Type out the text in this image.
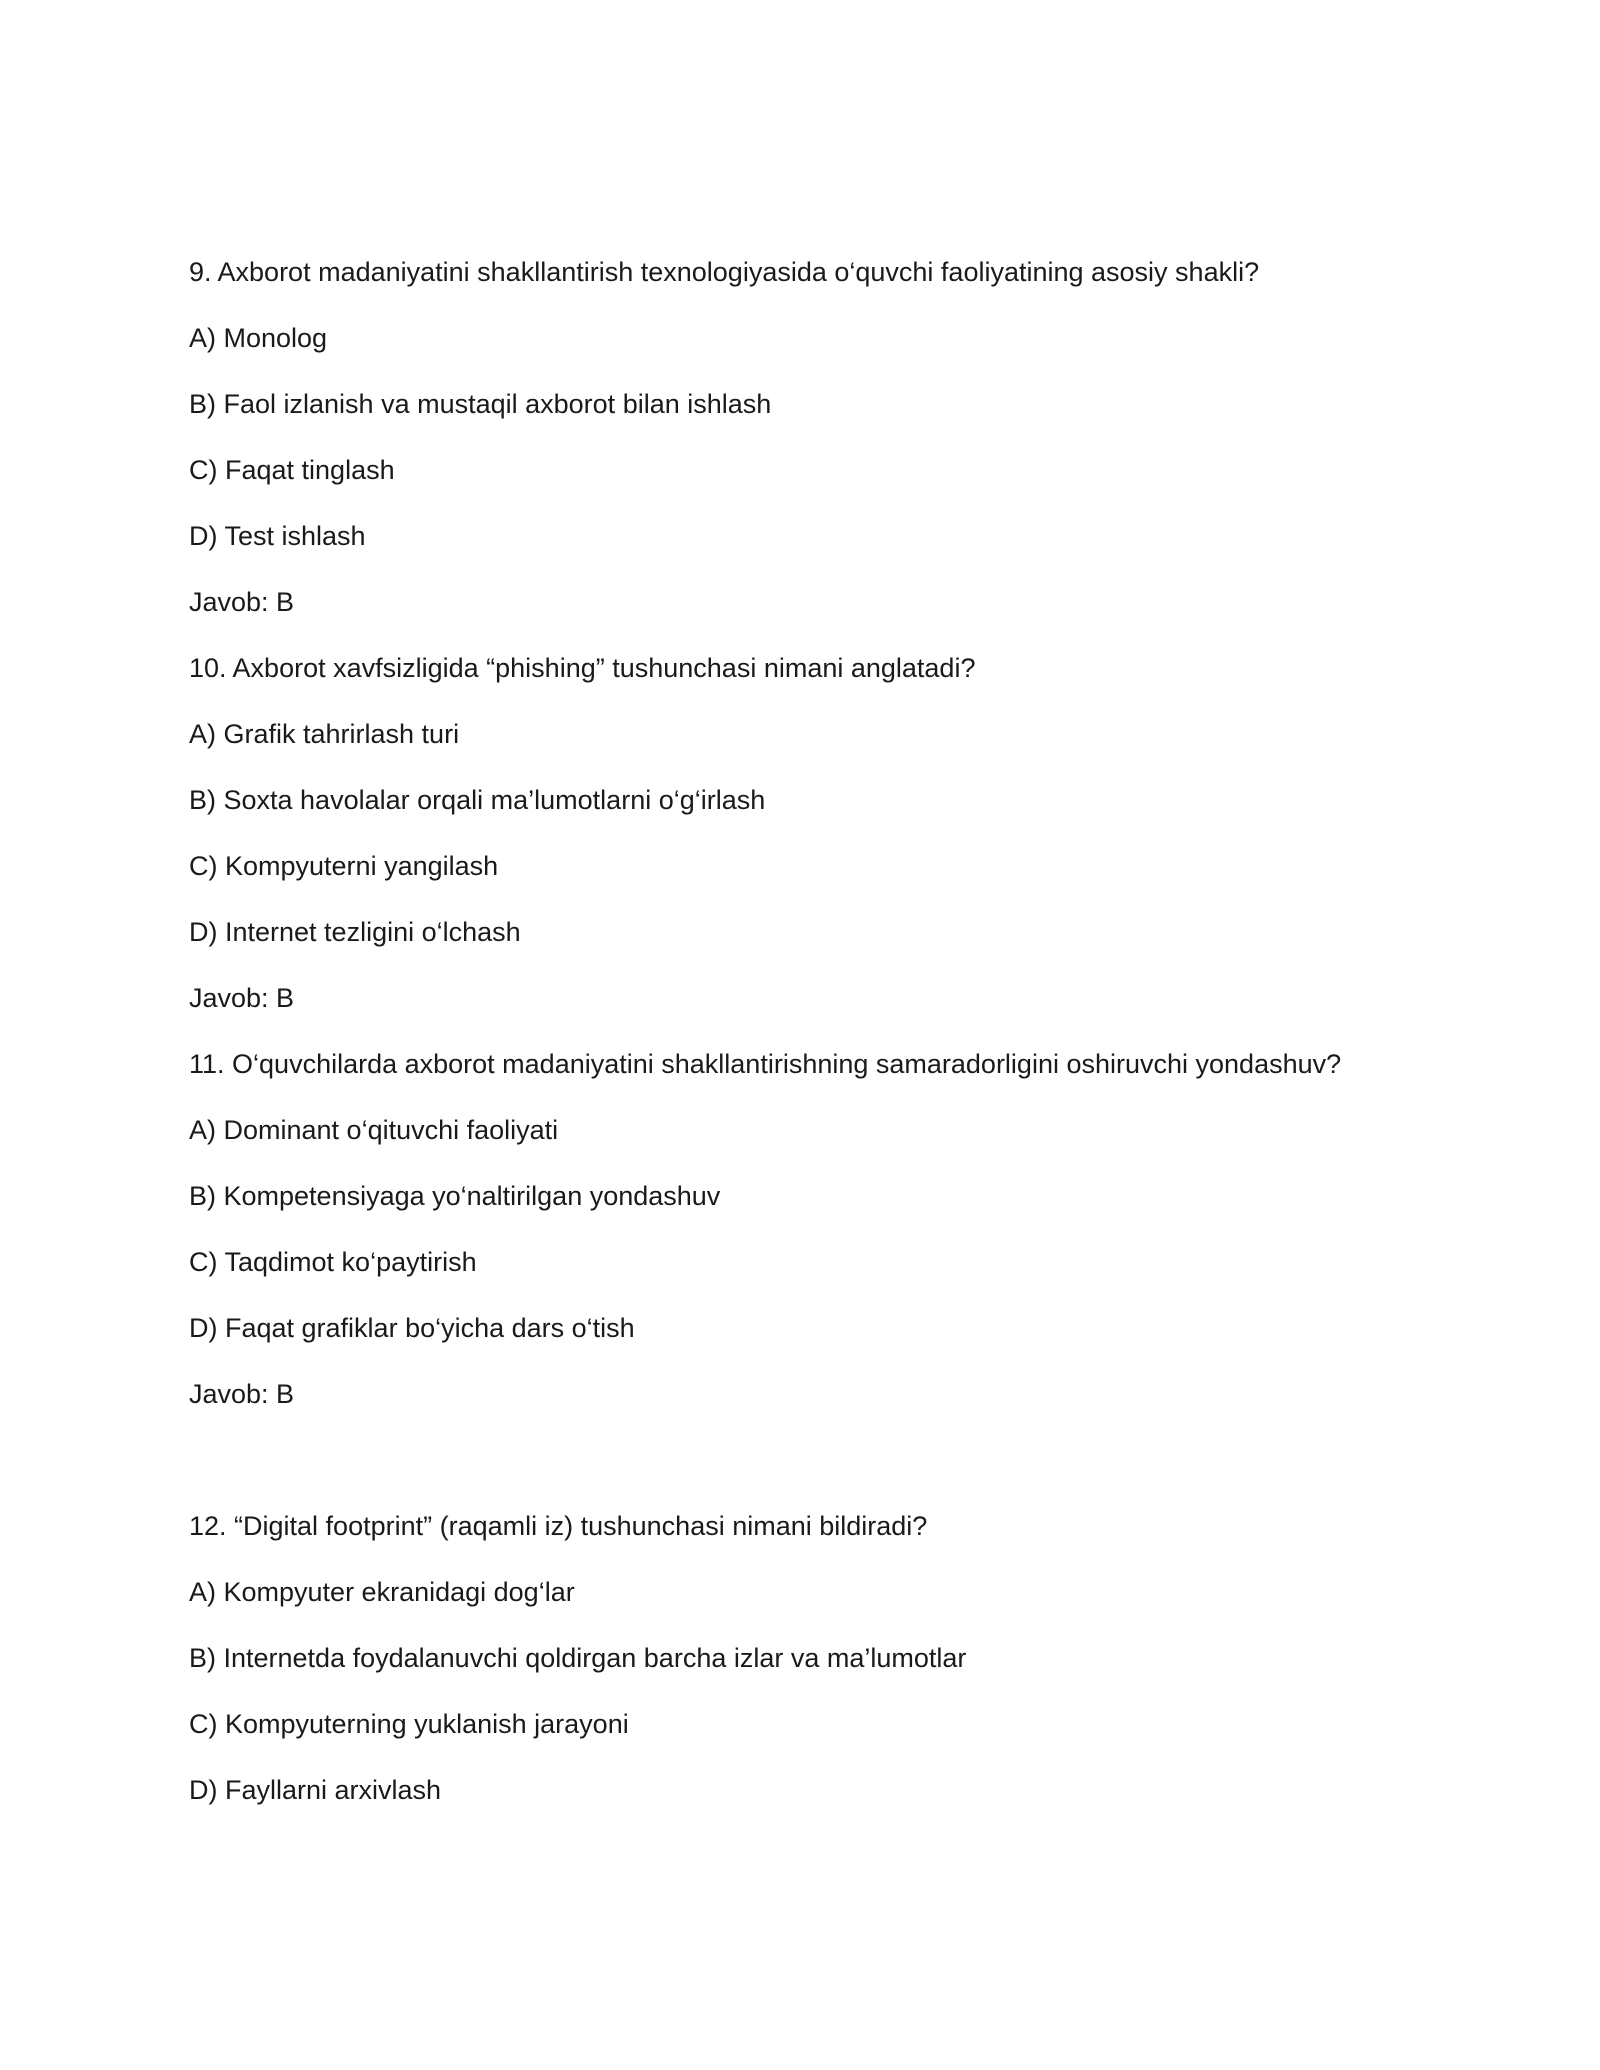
9. Axborot madaniyatini shakllantirish texnologiyasida o‘quvchi faoliyatining asosiy shakli?
A) Monolog
B) Faol izlanish va mustaqil axborot bilan ishlash
C) Faqat tinglash
D) Test ishlash
Javob: B
10. Axborot xavfsizligida “phishing” tushunchasi nimani anglatadi?
A) Grafik tahrirlash turi
B) Soxta havolalar orqali ma’lumotlarni o‘g‘irlash
C) Kompyuterni yangilash
D) Internet tezligini o‘lchash
Javob: B
11. O‘quvchilarda axborot madaniyatini shakllantirishning samaradorligini oshiruvchi yondashuv?
A) Dominant o‘qituvchi faoliyati
B) Kompetensiyaga yo‘naltirilgan yondashuv
C) Taqdimot ko‘paytirish
D) Faqat grafiklar bo‘yicha dars o‘tish
Javob: B
12. “Digital footprint” (raqamli iz) tushunchasi nimani bildiradi?
A) Kompyuter ekranidagi dog‘lar
B) Internetda foydalanuvchi qoldirgan barcha izlar va ma’lumotlar
C) Kompyuterning yuklanish jarayoni
D) Fayllarni arxivlash
